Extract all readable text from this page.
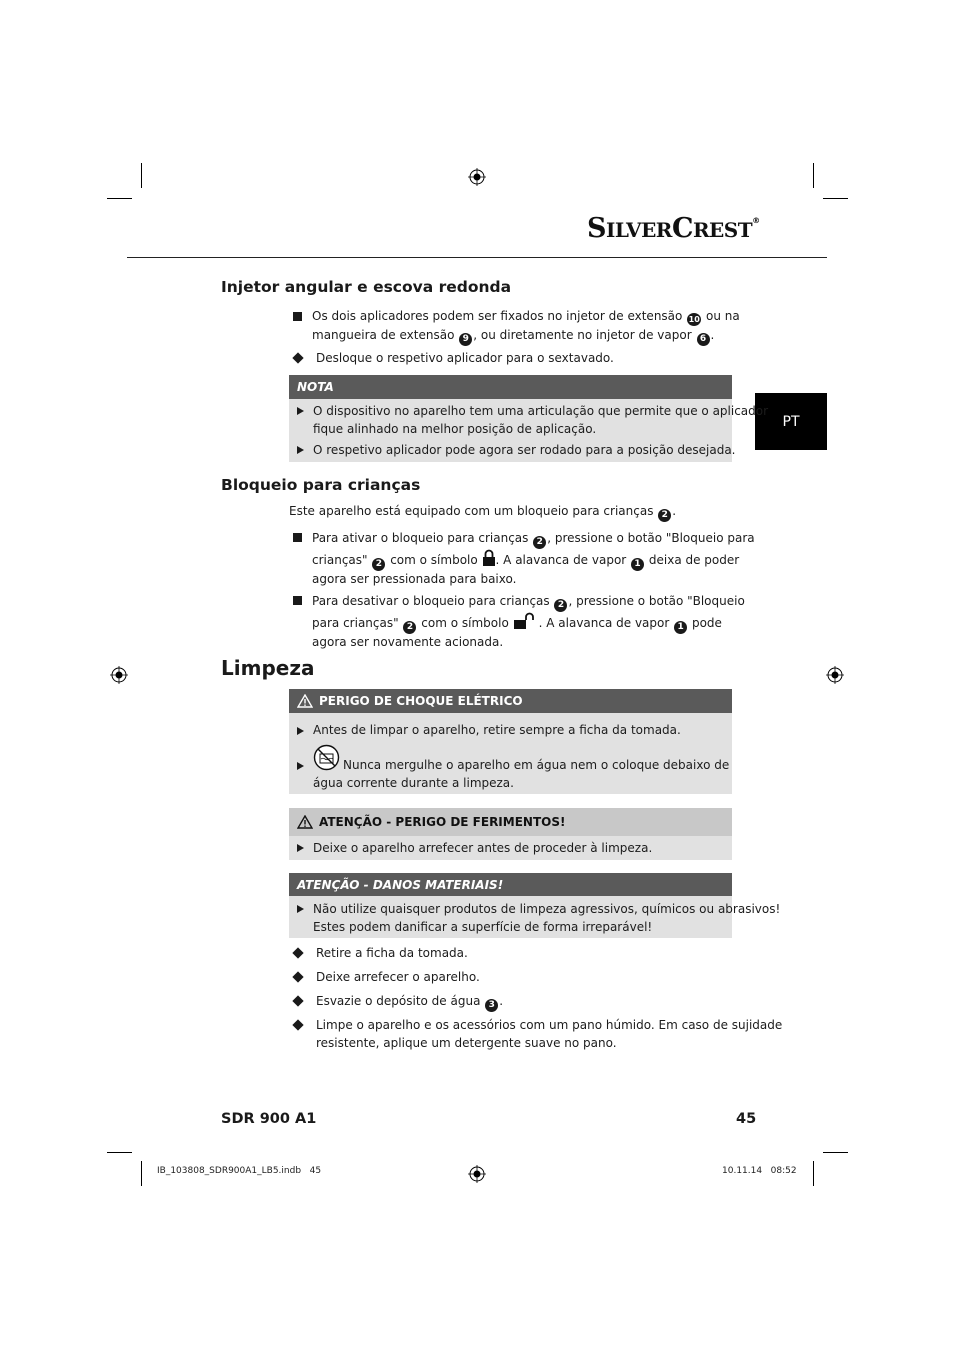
SILVERCREST®
PT
Injetor angular e escova redonda
Os dois aplicadores podem ser fixados no injetor de extensão 10 ou na
mangueira de extensão 9 , ou diretamente no injetor de vapor 6 .
Desloque o respetivo aplicador para o sextavado.
NOTA
O dispositivo no aparelho tem uma articulação que permite que o aplicador
fique alinhado na melhor posição de aplicação.
O respetivo aplicador pode agora ser rodado para a posição desejada.
Bloqueio para crianças
Este aparelho está equipado com um bloqueio para crianças 2 .
Para ativar o bloqueio para crianças 2 , pressione o botão "Bloqueio para
crianças" 2 com o símbolo . A alavanca de vapor 1 deixa de poder
agora ser pressionada para baixo.
Para desativar o bloqueio para crianças 2 , pressione o botão "Bloqueio
para crianças" 2 com o símbolo . A alavanca de vapor 1 pode
agora ser novamente acionada.
Limpeza
PERIGO DE CHOQUE ELÉTRICO
Antes de limpar o aparelho, retire sempre a ficha da tomada.
Nunca mergulhe o aparelho em água nem o coloque debaixo de
água corrente durante a limpeza.
ATENÇÃO - PERIGO DE FERIMENTOS!
Deixe o aparelho arrefecer antes de proceder à limpeza.
ATENÇÃO - DANOS MATERIAIS!
Não utilize quaisquer produtos de limpeza agressivos, químicos ou abrasivos!
Estes podem danificar a superfície de forma irreparável!
Retire a ficha da tomada.
Deixe arrefecer o aparelho.
Esvazie o depósito de água 3 .
Limpe o aparelho e os acessórios com um pano húmido. Em caso de sujidade
resistente, aplique um detergente suave no pano.
SDR 900 A1	45
IB_103808_SDR900A1_LB5.indb   45	10.11.14   08:52
